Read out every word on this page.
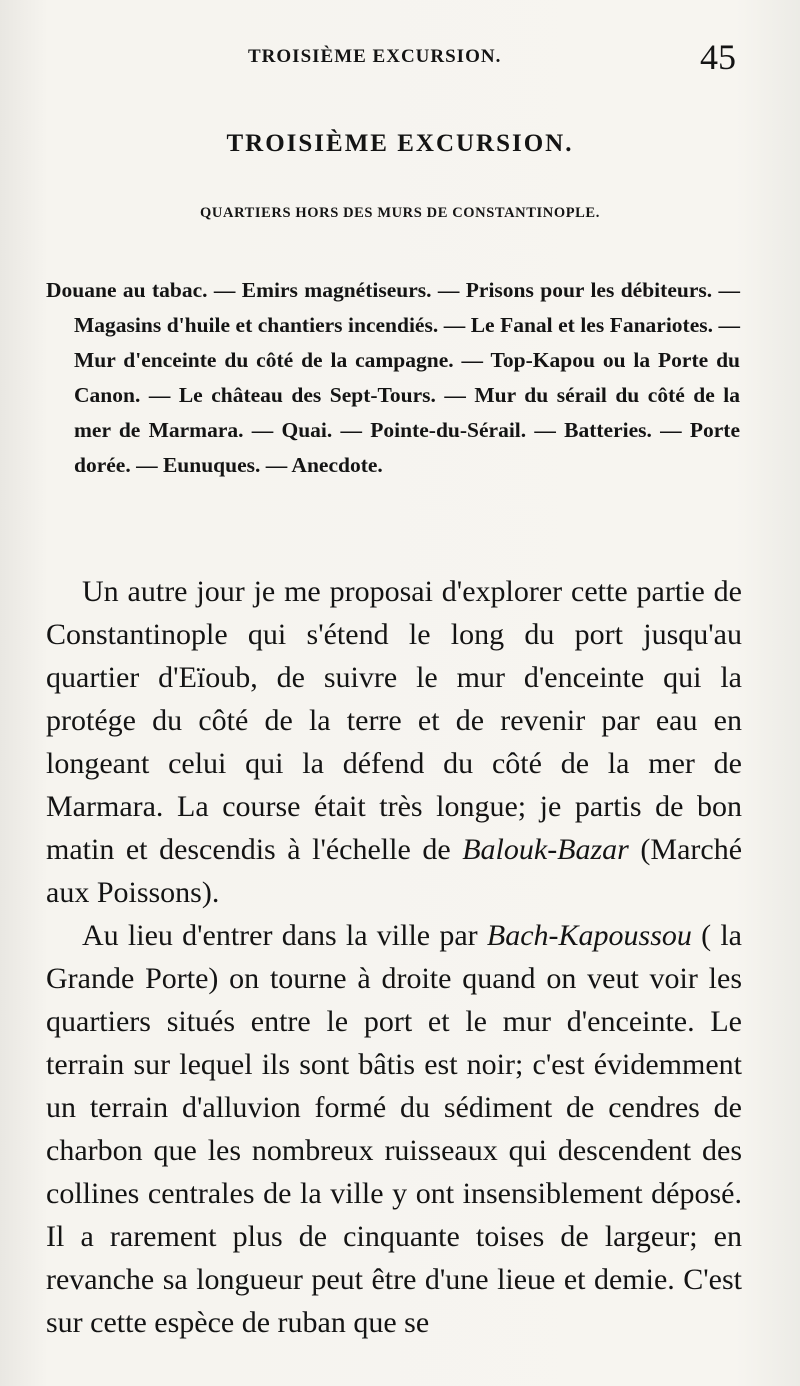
TROISIÈME EXCURSION.	45
TROISIÈME EXCURSION.
QUARTIERS HORS DES MURS DE CONSTANTINOPLE.

Douane au tabac. — Emirs magnétiseurs. — Prisons pour les débiteurs. — Magasins d'huile et chantiers incendiés. — Le Fanal et les Fanariotes. — Mur d'enceinte du côté de la campagne. — Top-Kapou ou la Porte du Canon. — Le château des Sept-Tours. — Mur du sérail du côté de la mer de Marmara. — Quai. — Pointe-du-Sérail. — Batteries. — Porte dorée. — Eunuques. — Anecdote.

Un autre jour je me proposai d'explorer cette partie de Constantinople qui s'étend le long du port jusqu'au quartier d'Eïoub, de suivre le mur d'enceinte qui la protége du côté de la terre et de revenir par eau en longeant celui qui la défend du côté de la mer de Marmara. La course était très longue; je partis de bon matin et descendis à l'échelle de Balouk-Bazar (Marché aux Poissons).

Au lieu d'entrer dans la ville par Bach-Kapoussou ( la Grande Porte) on tourne à droite quand on veut voir les quartiers situés entre le port et le mur d'enceinte. Le terrain sur lequel ils sont bâtis est noir; c'est évidemment un terrain d'alluvion formé du sédiment de cendres de charbon que les nombreux ruisseaux qui descendent des collines centrales de la ville y ont insensiblement déposé. Il a rarement plus de cinquante toises de largeur; en revanche sa longueur peut être d'une lieue et demie. C'est sur cette espèce de ruban que se
